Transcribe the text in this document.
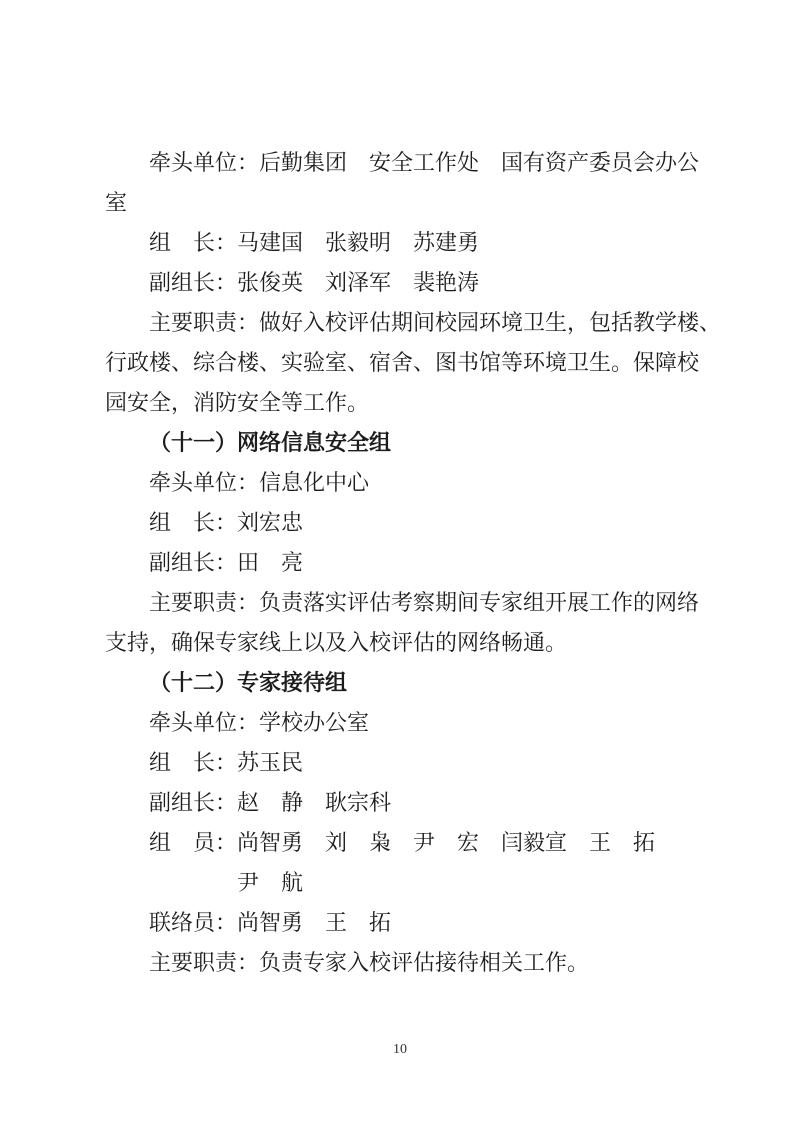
牵头单位：后勤集团　安全工作处　国有资产委员会办公
室
组　长：马建国　张毅明　苏建勇
副组长：张俊英　刘泽军　裴艳涛
主要职责：做好入校评估期间校园环境卫生，包括教学楼、
行政楼、综合楼、实验室、宿舍、图书馆等环境卫生。保障校
园安全，消防安全等工作。
（十一）网络信息安全组
牵头单位：信息化中心
组　长：刘宏忠
副组长：田　亮
主要职责：负责落实评估考察期间专家组开展工作的网络
支持，确保专家线上以及入校评估的网络畅通。
（十二）专家接待组
牵头单位：学校办公室
组　长：苏玉民
副组长：赵　静　耿宗科
组　员：尚智勇　刘　枭　尹　宏　闫毅宣　王　拓
尹　航
联络员：尚智勇　王　拓
主要职责：负责专家入校评估接待相关工作。
10
